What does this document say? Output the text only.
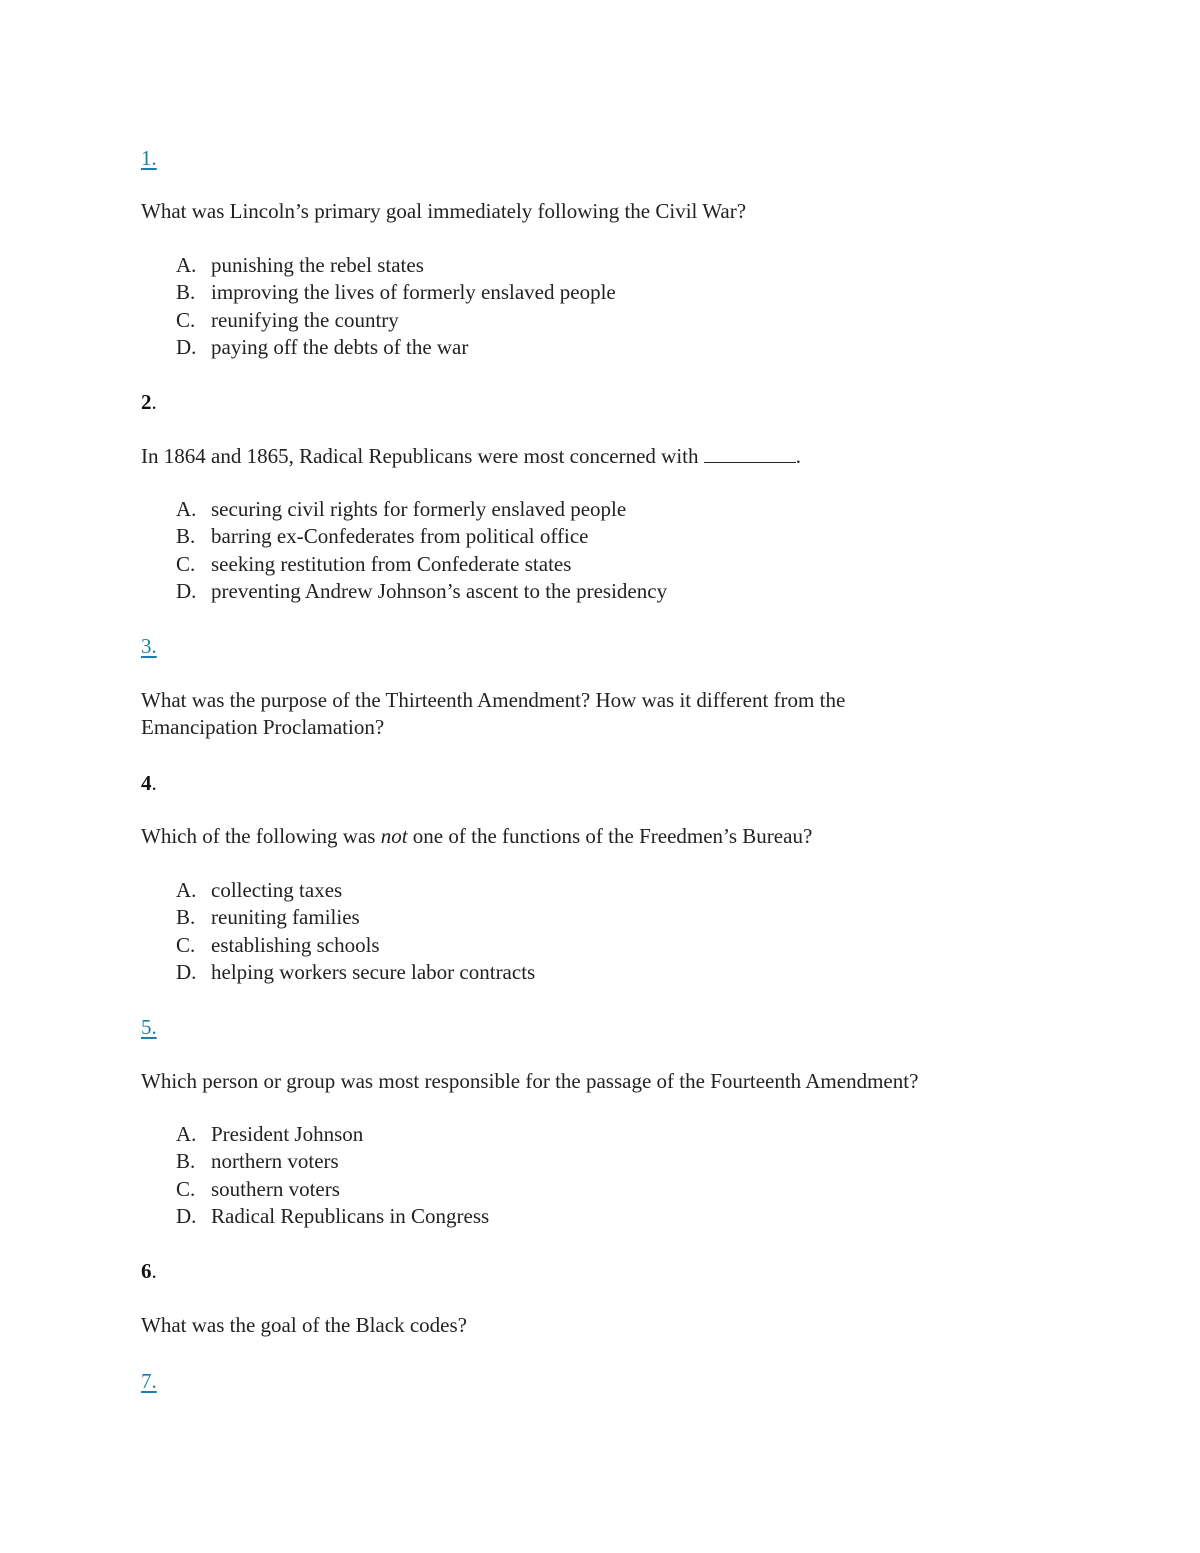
1.
What was Lincoln’s primary goal immediately following the Civil War?
A. punishing the rebel states
B. improving the lives of formerly enslaved people
C. reunifying the country
D. paying off the debts of the war
2.
In 1864 and 1865, Radical Republicans were most concerned with	.
A. securing civil rights for formerly enslaved people
B. barring ex-Confederates from political office
C. seeking restitution from Confederate states
D. preventing Andrew Johnson’s ascent to the presidency
3.
What was the purpose of the Thirteenth Amendment? How was it different from the Emancipation Proclamation?
4.
Which of the following was not one of the functions of the Freedmen’s Bureau?
A. collecting taxes
B. reuniting families
C. establishing schools
D. helping workers secure labor contracts
5.
Which person or group was most responsible for the passage of the Fourteenth Amendment?
A. President Johnson
B. northern voters
C. southern voters
D. Radical Republicans in Congress
6.
What was the goal of the Black codes?
7.
